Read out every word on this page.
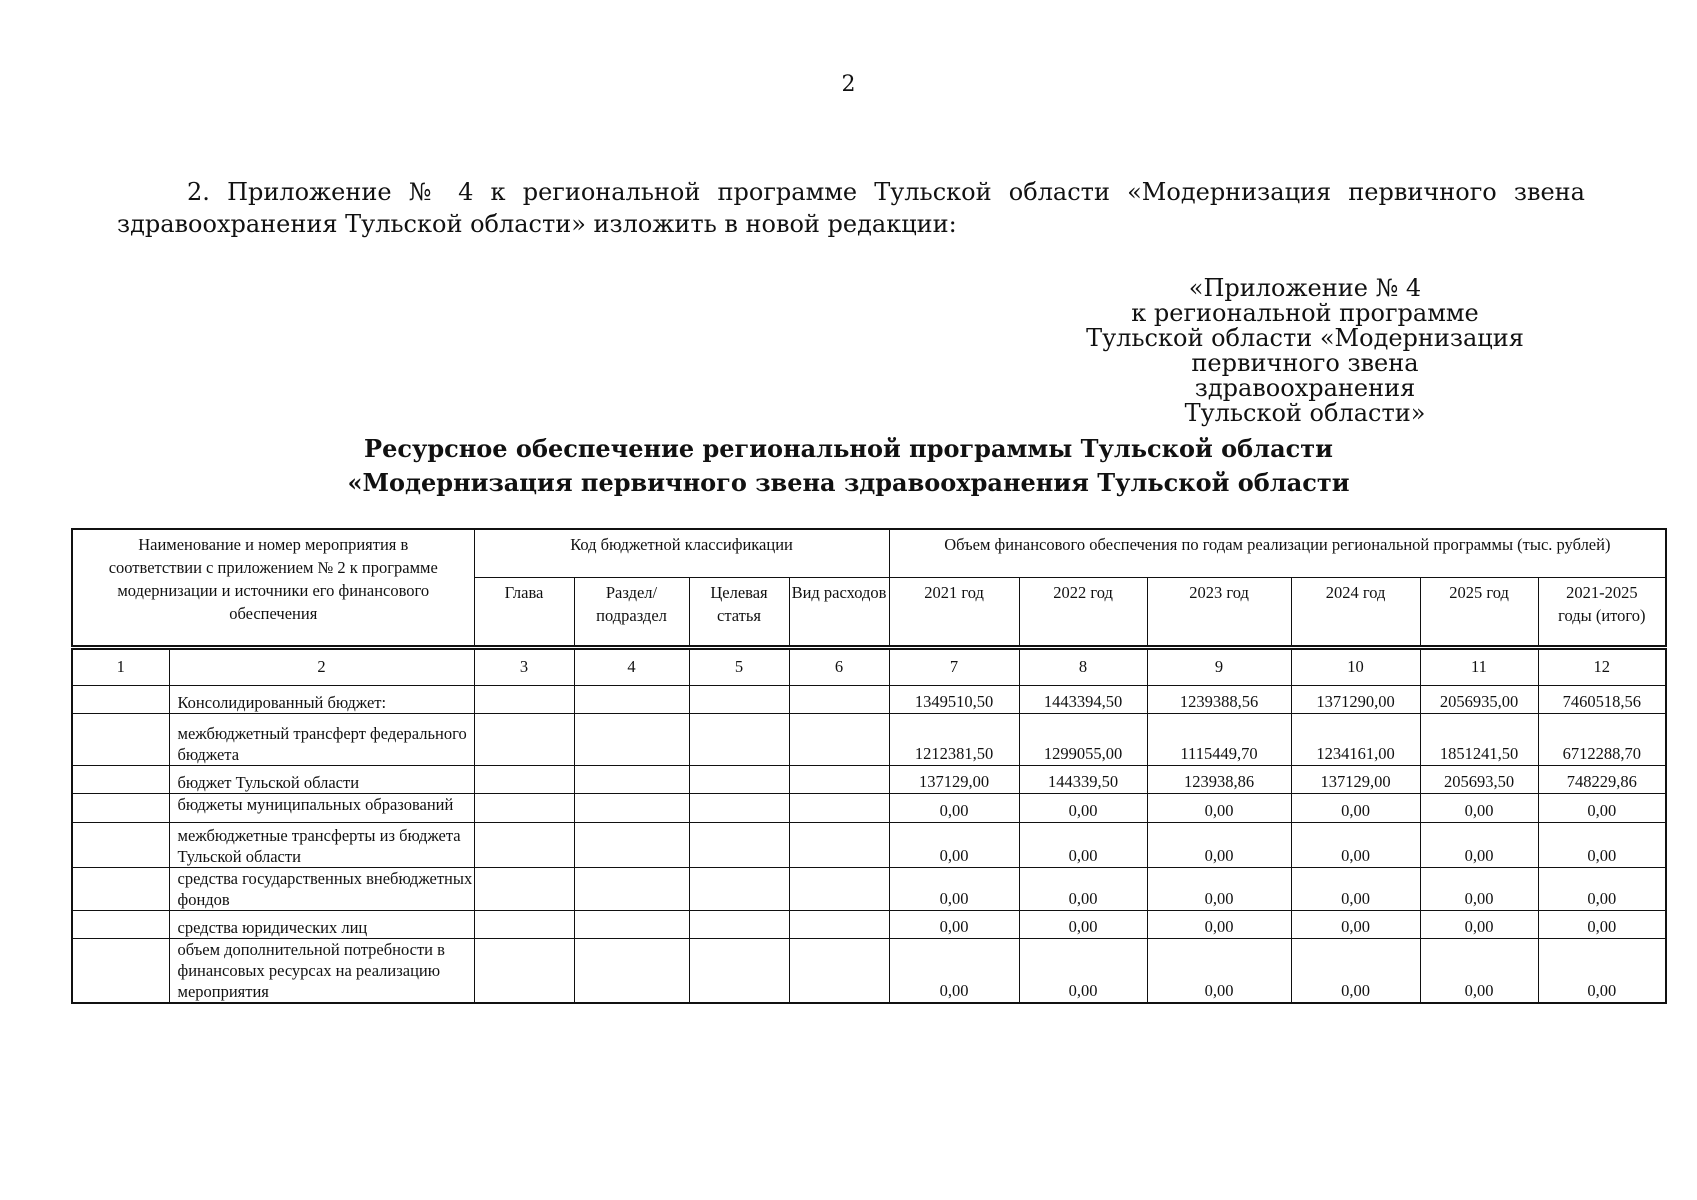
2
2. Приложение № 4 к региональной программе Тульской области «Модернизация первичного звена
здравоохранения Тульской области» изложить в новой редакции:
«Приложение № 4
к региональной программе
Тульской области «Модернизация
первичного звена здравоохранения
Тульской области»
Ресурсное обеспечение региональной программы Тульской области
«Модернизация первичного звена здравоохранения Тульской области
Наименование и номер мероприятия в соответствии с приложением № 2 к программе модернизации и источники его финансового обеспечения	Код бюджетной классификации				Объем финансового обеспечения по годам реализации региональной программы (тыс. рублей)					
	Глава	Раздел/ подраздел	Целевая статья	Вид расходов	2021 год	2022 год	2023 год	2024 год	2025 год	2021-2025 годы (итого)
1	2	3	4	5	6	7	8	9	10	11	12
	Консолидированный бюджет:					1349510,50	1443394,50	1239388,56	1371290,00	2056935,00	7460518,56
	межбюджетный трансферт федерального бюджета					1212381,50	1299055,00	1115449,70	1234161,00	1851241,50	6712288,70
	бюджет Тульской области					137129,00	144339,50	123938,86	137129,00	205693,50	748229,86

	бюджеты муниципальных образований					0,00	0,00	0,00	0,00	0,00	0,00
	межбюджетные трансферты из бюджета Тульской области					0,00	0,00	0,00	0,00	0,00	0,00
	средства государственных внебюджетных фондов					0,00	0,00	0,00	0,00	0,00	0,00
	средства юридических лиц					0,00	0,00	0,00	0,00	0,00	0,00
	объем дополнительной потребности в финансовых ресурсах на реализацию мероприятия					0,00	0,00	0,00	0,00	0,00	0,00
